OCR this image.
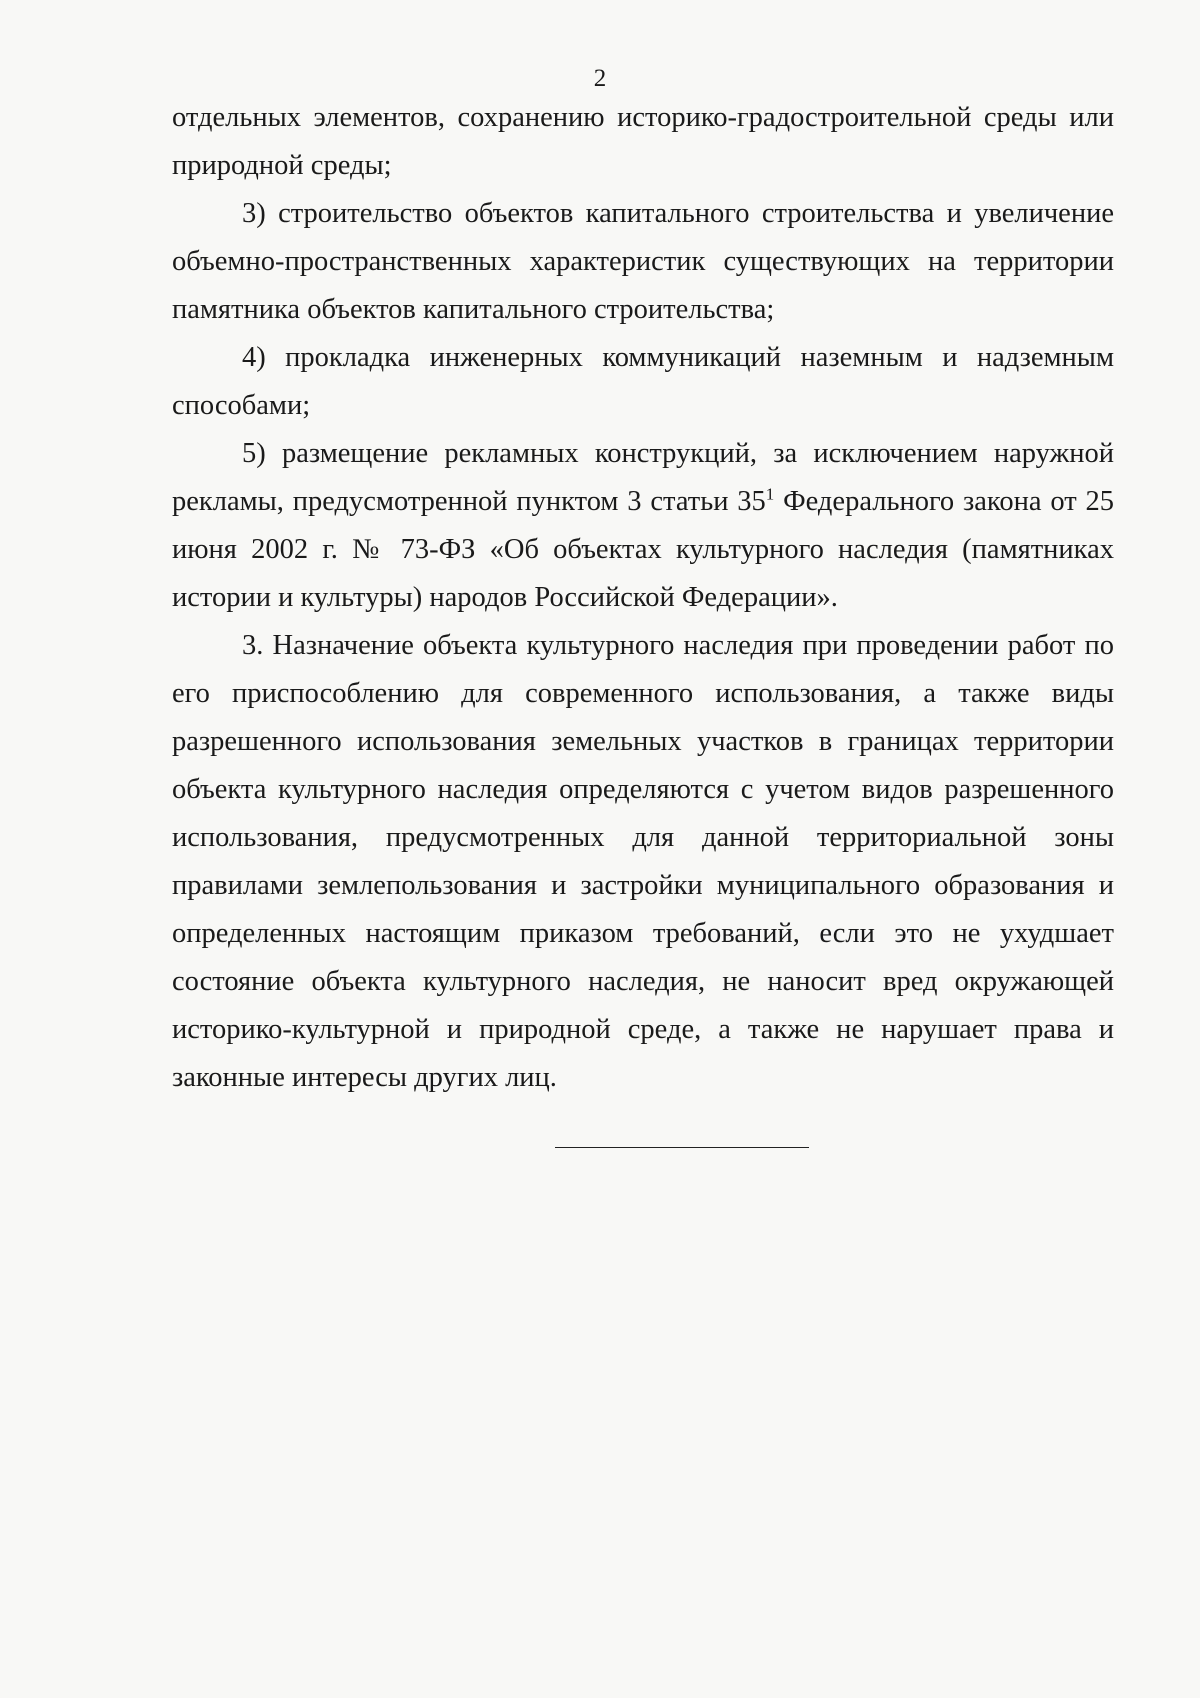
2

отдельных элементов, сохранению историко-градостроительной среды или природной среды;

3) строительство объектов капитального строительства и увеличение объемно-пространственных характеристик существующих на территории памятника объектов капитального строительства;

4) прокладка инженерных коммуникаций наземным и надземным способами;

5) размещение рекламных конструкций, за исключением наружной рекламы, предусмотренной пунктом 3 статьи $35^1$ Федерального закона от 25 июня 2002 г. № 73-ФЗ «Об объектах культурного наследия (памятниках истории и культуры) народов Российской Федерации».

3. Назначение объекта культурного наследия при проведении работ по его приспособлению для современного использования, а также виды разрешенного использования земельных участков в границах территории объекта культурного наследия определяются с учетом видов разрешенного использования, предусмотренных для данной территориальной зоны правилами землепользования и застройки муниципального образования и определенных настоящим приказом требований, если это не ухудшает состояние объекта культурного наследия, не наносит вред окружающей историко-культурной и природной среде, а также не нарушает права и законные интересы других лиц.
